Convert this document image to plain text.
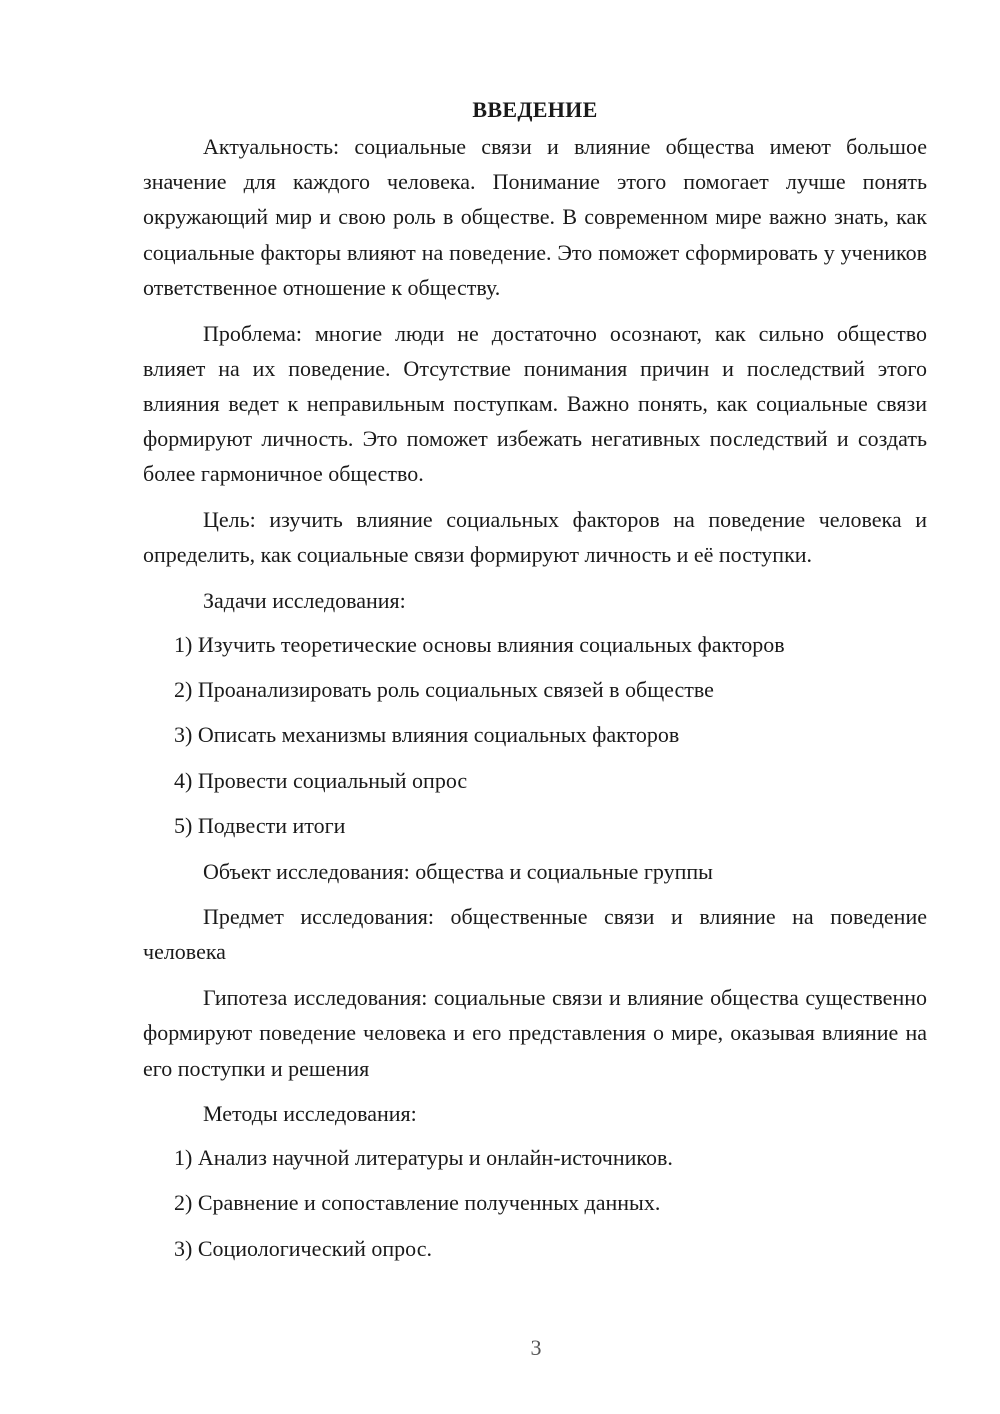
ВВЕДЕНИЕ
Актуальность: социальные связи и влияние общества имеют большое значение для каждого человека. Понимание этого помогает лучше понять окружающий мир и свою роль в обществе. В современном мире важно знать, как социальные факторы влияют на поведение. Это поможет сформировать у учеников ответственное отношение к обществу.
Проблема: многие люди не достаточно осознают, как сильно общество влияет на их поведение. Отсутствие понимания причин и последствий этого влияния ведет к неправильным поступкам. Важно понять, как социальные связи формируют личность. Это поможет избежать негативных последствий и создать более гармоничное общество.
Цель: изучить влияние социальных факторов на поведение человека и определить, как социальные связи формируют личность и её поступки.
Задачи исследования:
1) Изучить теоретические основы влияния социальных факторов
2) Проанализировать роль социальных связей в обществе
3) Описать механизмы влияния социальных факторов
4) Провести социальный опрос
5) Подвести итоги
Объект исследования: общества и социальные группы
Предмет исследования: общественные связи и влияние на поведение человека
Гипотеза исследования: социальные связи и влияние общества существенно формируют поведение человека и его представления о мире, оказывая влияние на его поступки и решения
Методы исследования:
1) Анализ научной литературы и онлайн-источников.
2) Сравнение и сопоставление полученных данных.
3) Социологический опрос.
3
